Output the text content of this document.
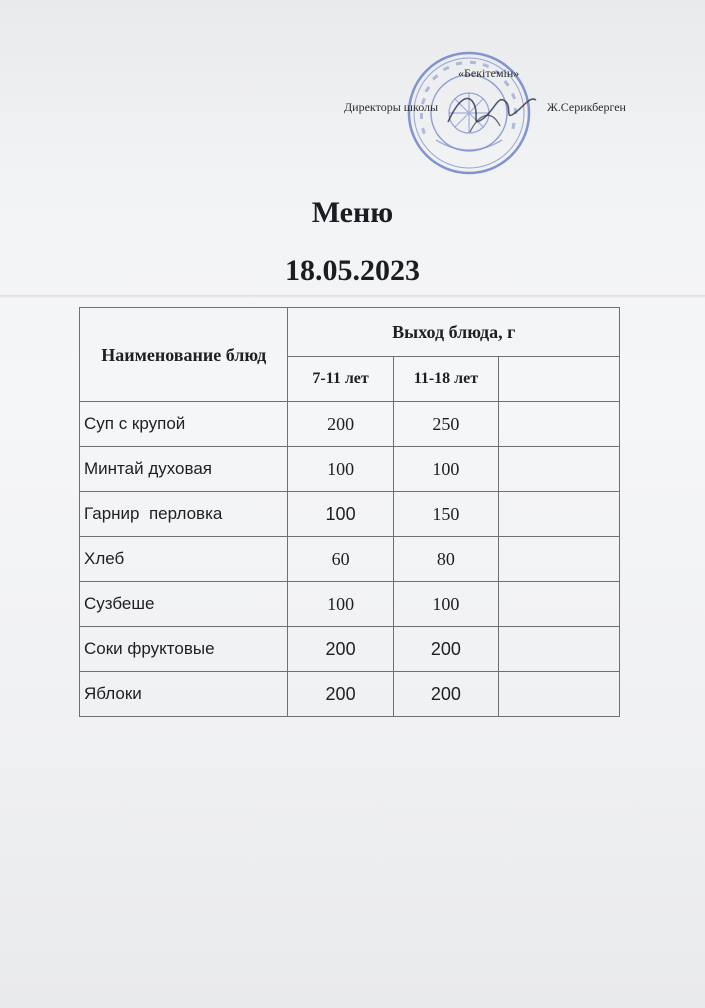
«Бекітемін»
Директоры школы	Ж.Серикберген
Меню
18.05.2023
Наименование блюд	Выход блюда, г		
	7-11 лет	11-18 лет	
Суп с крупой	200	250	
Минтай духовая	100	100	
Гарнир  перловка	100	150	
Хлеб	60	80	
Сузбеше	100	100	
Соки фруктовые	200	200	
Яблоки	200	200	
